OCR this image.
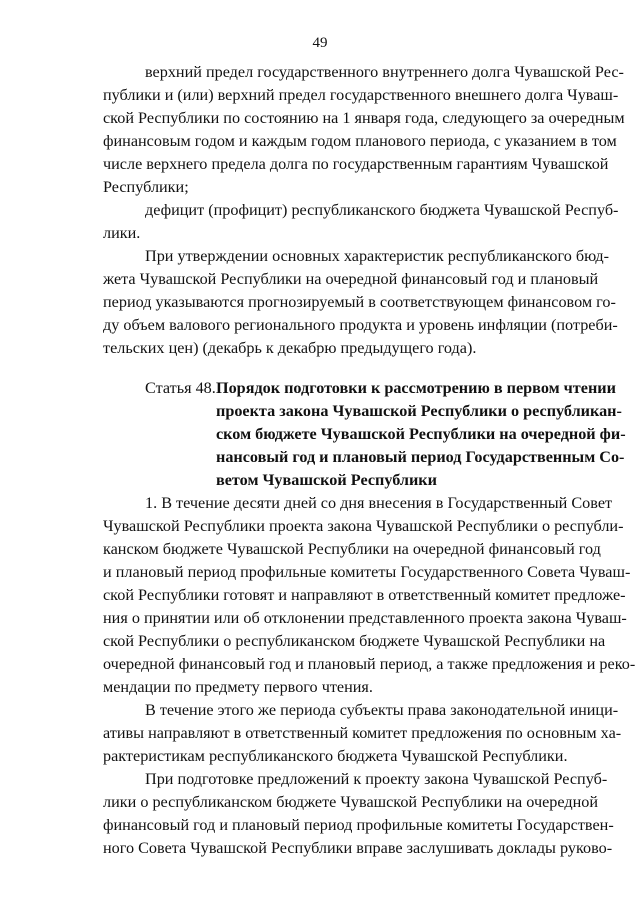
49
верхний предел государственного внутреннего долга Чувашской Рес-
публики и (или) верхний предел государственного внешнего долга Чуваш-
ской Республики по состоянию на 1 января года, следующего за очередным
финансовым годом и каждым годом планового периода, с указанием в том
числе верхнего предела долга по государственным гарантиям Чувашской
Республики;
дефицит (профицит) республиканского бюджета Чувашской Респуб-
лики.
При утверждении основных характеристик республиканского бюд-
жета Чувашской Республики на очередной финансовый год и плановый
период указываются прогнозируемый в соответствующем финансовом го-
ду объем валового регионального продукта и уровень инфляции (потреби-
тельских цен) (декабрь к декабрю предыдущего года).
Статья 48. Порядок подготовки к рассмотрению в первом чтении
проекта закона Чувашской Республики о республикан-
ском бюджете Чувашской Республики на очередной фи-
нансовый год и плановый период Государственным Со-
ветом Чувашской Республики
1. В течение десяти дней со дня внесения в Государственный Совет
Чувашской Республики проекта закона Чувашской Республики о республи-
канском бюджете Чувашской Республики на очередной финансовый год
и плановый период профильные комитеты Государственного Совета Чуваш-
ской Республики готовят и направляют в ответственный комитет предложе-
ния о принятии или об отклонении представленного проекта закона Чуваш-
ской Республики о республиканском бюджете Чувашской Республики на
очередной финансовый год и плановый период, а также предложения и реко-
мендации по предмету первого чтения.
В течение этого же периода субъекты права законодательной иници-
ативы направляют в ответственный комитет предложения по основным ха-
рактеристикам республиканского бюджета Чувашской Республики.
При подготовке предложений к проекту закона Чувашской Респуб-
лики о республиканском бюджете Чувашской Республики на очередной
финансовый год и плановый период профильные комитеты Государствен-
ного Совета Чувашской Республики вправе заслушивать доклады руково-
